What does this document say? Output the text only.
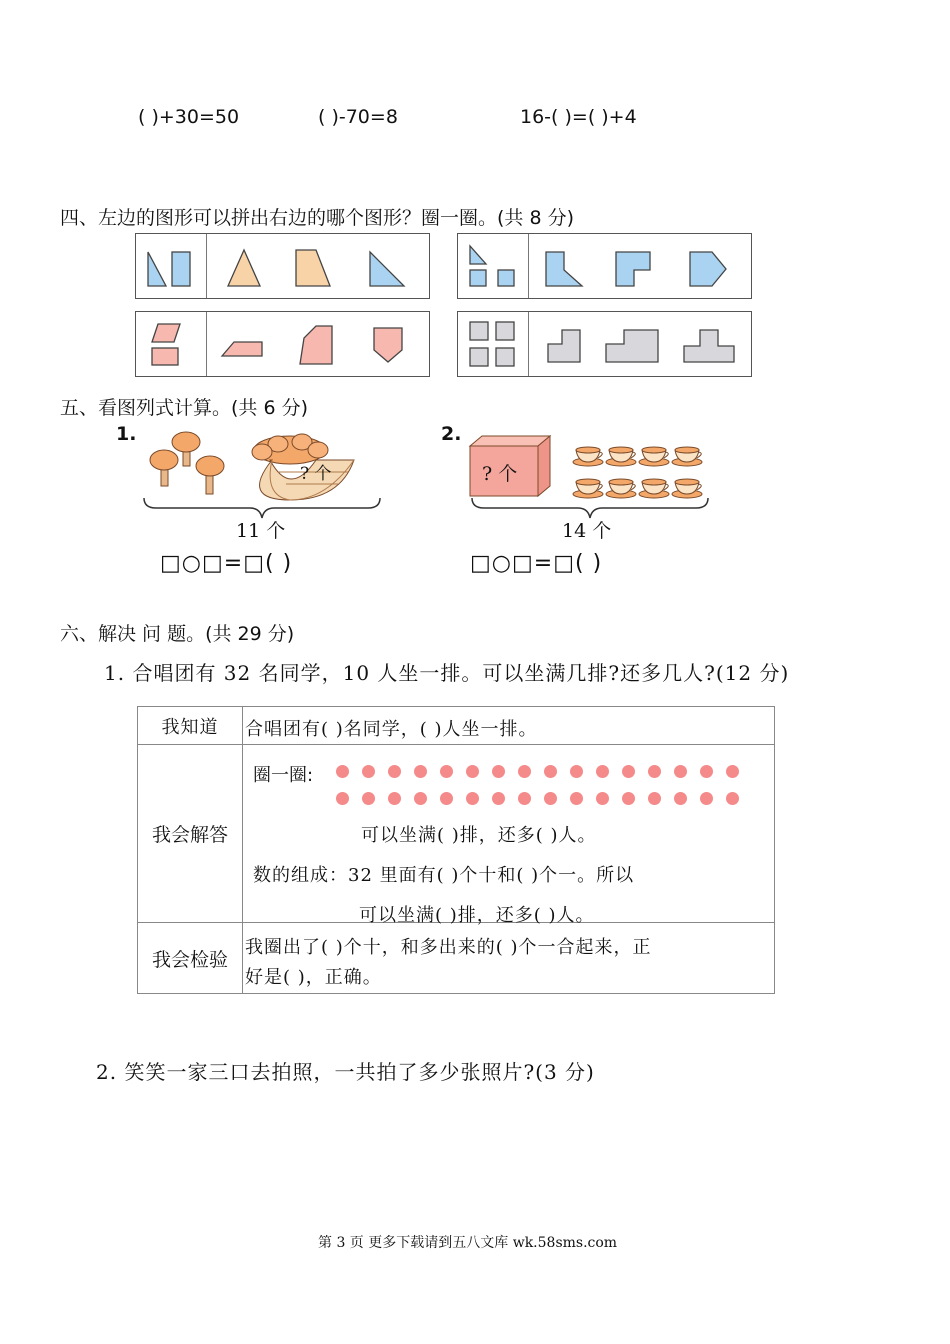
( )+30=50	( )-70=8	16-( )=( )+4
四、左边的图形可以拼出右边的哪个图形？圈一圈。(共 8 分)
五、看图列式计算。(共 6 分)
1.
? 个
11 个
□○□=□( )
2.
? 个
14 个
□○□=□( )
六、解决 问 题。(共 29 分)
1. 合唱团有 32 名同学，10 人坐一排。可以坐满几排?还多几人?(12 分)
我知道	合唱团有( )名同学，( )人坐一排。
我会解答	圈一圈:
可以坐满( )排，还多( )人。
数的组成：32 里面有( )个十和( )个一。所以
可以坐满( )排，还多( )人。

我会检验	我圈出了( )个十，和多出来的( )个一合起来，正
好是( )，正确。
2. 笑笑一家三口去拍照，一共拍了多少张照片?(3 分)
第 3 页 更多下载请到五八文库 wk.58sms.com
